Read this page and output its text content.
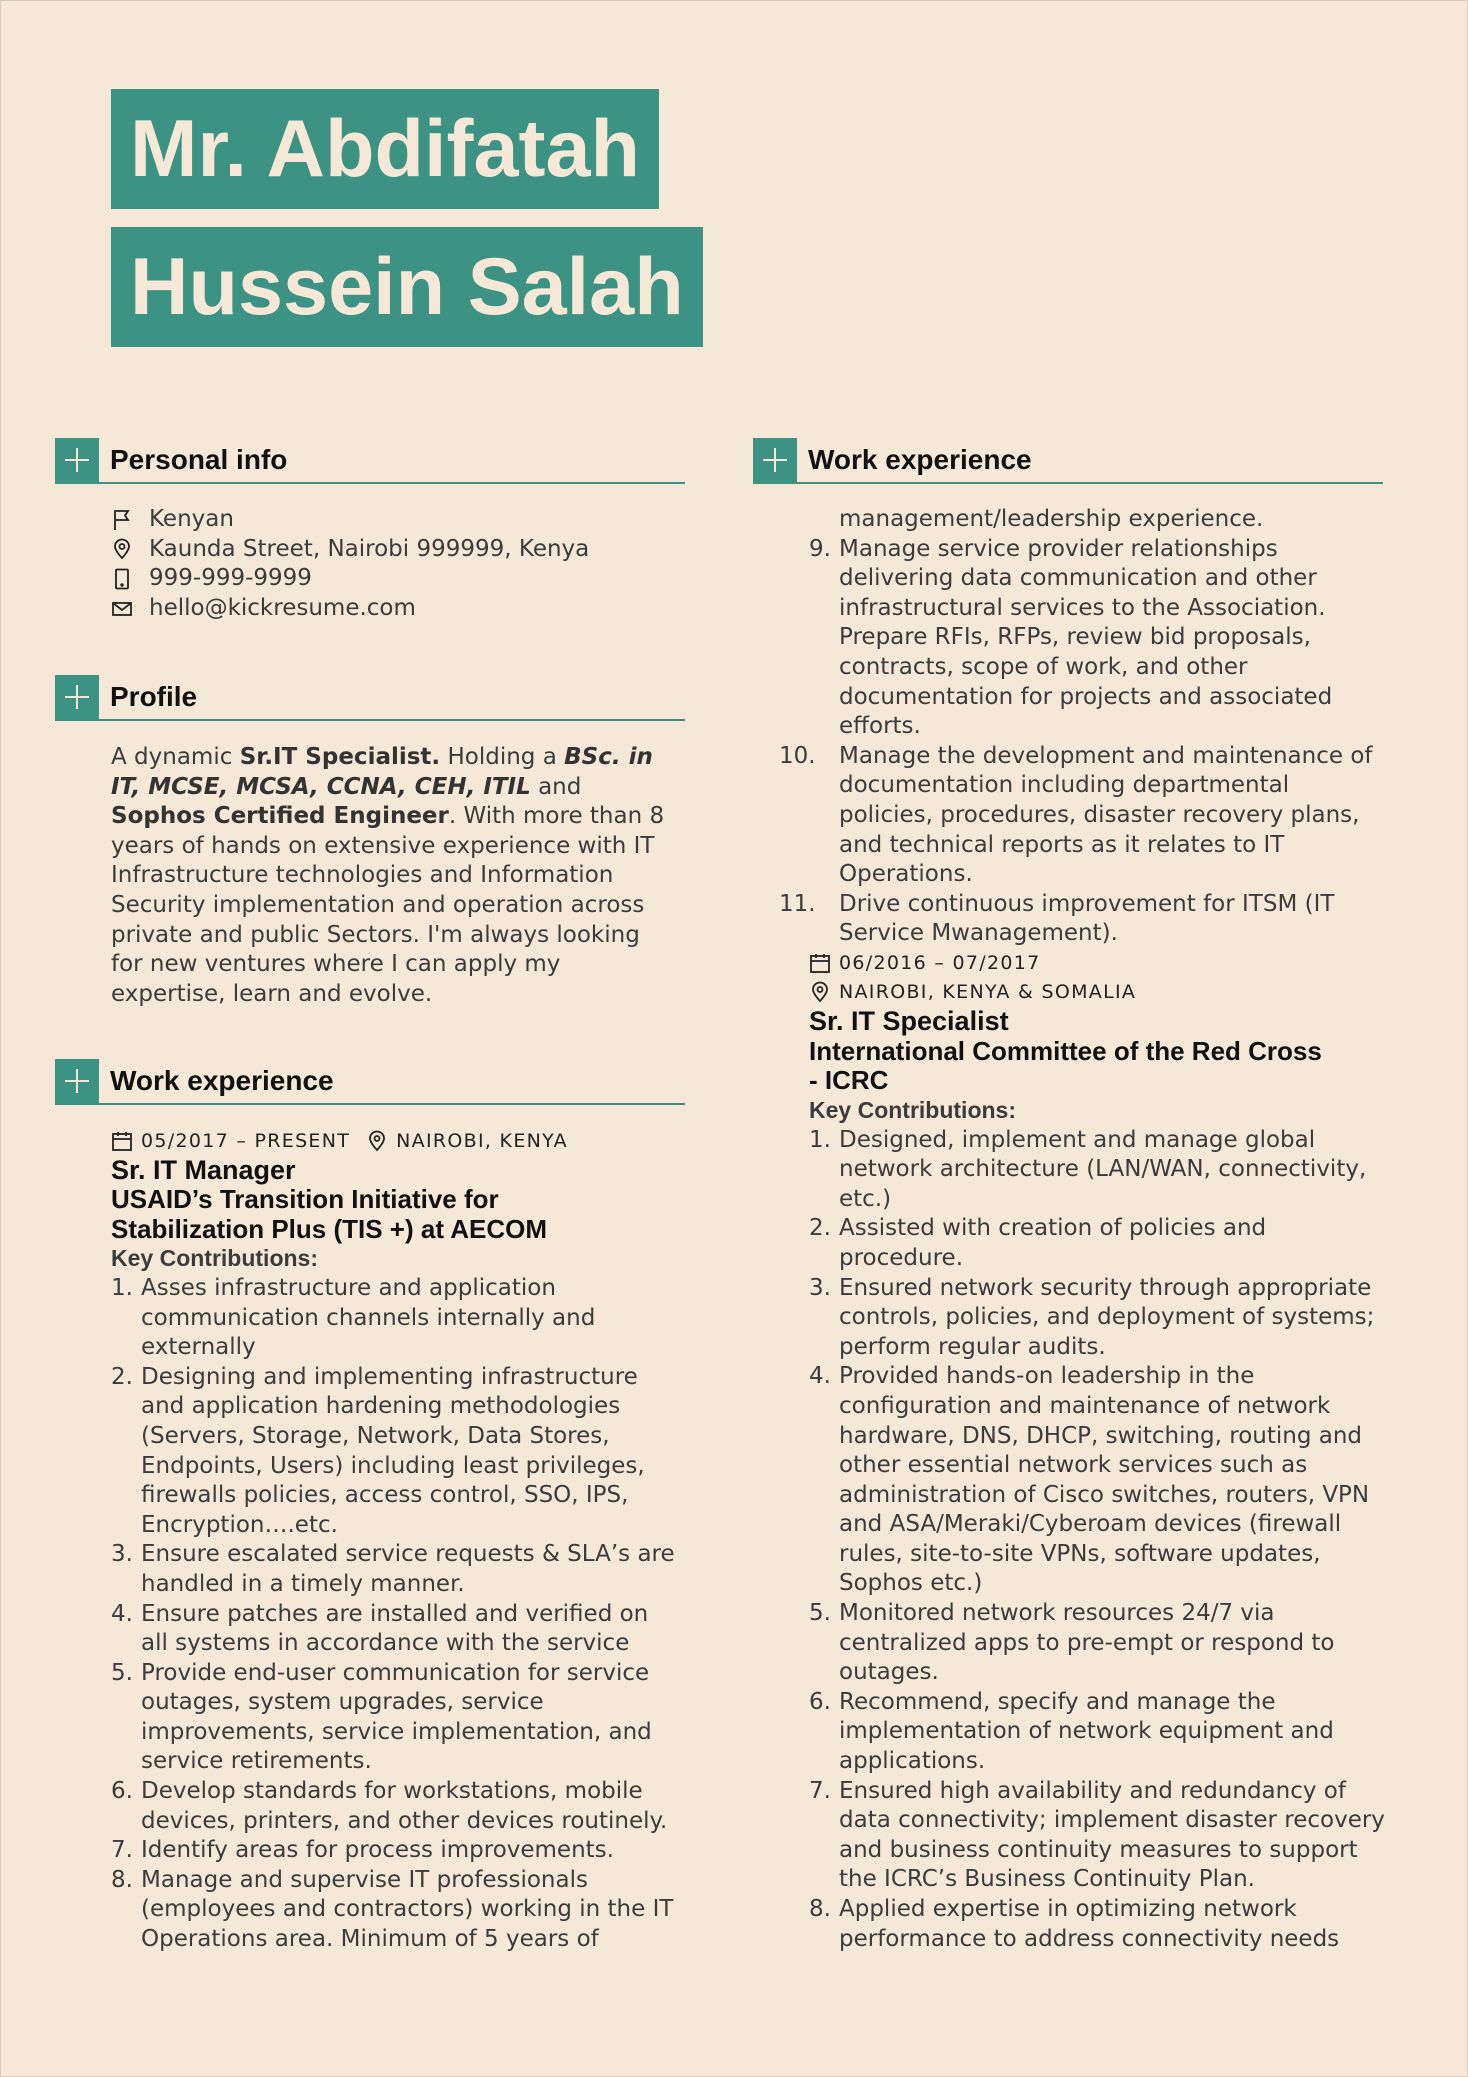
Mr. Abdifatah
Hussein Salah
Personal info
Kenyan
Kaunda Street, Nairobi 999999, Kenya
999-999-9999
hello@kickresume.com
Profile
A dynamic Sr.IT Specialist. Holding a BSc. in IT, MCSE, MCSA, CCNA, CEH, ITIL and Sophos Certified Engineer. With more than 8 years of hands on extensive experience with IT Infrastructure technologies and Information Security implementation and operation across private and public Sectors. I'm always looking for new ventures where I can apply my expertise, learn and evolve.
Work experience
05/2017 – PRESENT NAIROBI, KENYA
Sr. IT Manager
USAID’s Transition Initiative for
Stabilization Plus (TIS +) at AECOM
Key Contributions:
1. Asses infrastructure and application communication channels internally and externally
2. Designing and implementing infrastructure and application hardening methodologies (Servers, Storage, Network, Data Stores, Endpoints, Users) including least privileges, firewalls policies, access control, SSO, IPS, Encryption….etc.
3. Ensure escalated service requests & SLA’s are handled in a timely manner.
4. Ensure patches are installed and verified on all systems in accordance with the service
5. Provide end-user communication for service outages, system upgrades, service improvements, service implementation, and service retirements.
6. Develop standards for workstations, mobile devices, printers, and other devices routinely.
7. Identify areas for process improvements.
8. Manage and supervise IT professionals (employees and contractors) working in the IT Operations area. Minimum of 5 years of
Work experience
management/leadership experience.
9. Manage service provider relationships delivering data communication and other infrastructural services to the Association. Prepare RFIs, RFPs, review bid proposals, contracts, scope of work, and other documentation for projects and associated efforts.
10.	Manage the development and maintenance of documentation including departmental policies, procedures, disaster recovery plans, and technical reports as it relates to IT Operations.
11.	Drive continuous improvement for ITSM (IT Service Mwanagement).
06/2016 – 07/2017
NAIROBI, KENYA & SOMALIA
Sr. IT Specialist
International Committee of the Red Cross
- ICRC
Key Contributions:
1. Designed, implement and manage global network architecture (LAN/WAN, connectivity, etc.)
2. Assisted with creation of policies and procedure.
3. Ensured network security through appropriate controls, policies, and deployment of systems; perform regular audits.
4. Provided hands-on leadership in the configuration and maintenance of network hardware, DNS, DHCP, switching, routing and other essential network services such as administration of Cisco switches, routers, VPN and ASA/Meraki/Cyberoam devices (firewall rules, site-to-site VPNs, software updates, Sophos etc.)
5. Monitored network resources 24/7 via centralized apps to pre-empt or respond to outages.
6. Recommend, specify and manage the implementation of network equipment and applications.
7. Ensured high availability and redundancy of data connectivity; implement disaster recovery and business continuity measures to support the ICRC’s Business Continuity Plan.
8. Applied expertise in optimizing network performance to address connectivity needs
